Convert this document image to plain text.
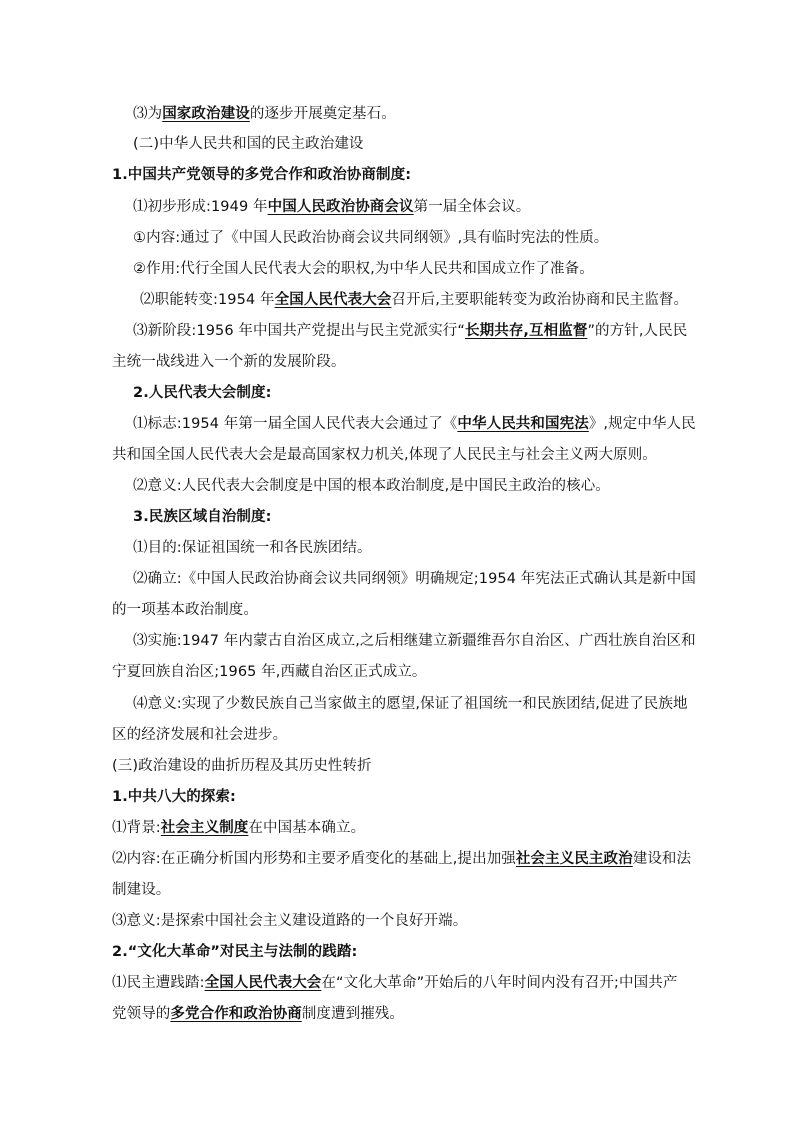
⑶为国家政治建设的逐步开展奠定基石。
(二)中华人民共和国的民主政治建设
1.中国共产党领导的多党合作和政治协商制度:
⑴初步形成:1949 年中国人民政治协商会议第一届全体会议。
①内容:通过了《中国人民政治协商会议共同纲领》,具有临时宪法的性质。
②作用:代行全国人民代表大会的职权,为中华人民共和国成立作了准备。
⑵职能转变:1954 年全国人民代表大会召开后,主要职能转变为政治协商和民主监督。
⑶新阶段:1956 年中国共产党提出与民主党派实行“长期共存,互相监督”的方针,人民民
主统一战线进入一个新的发展阶段。
2.人民代表大会制度:
⑴标志:1954 年第一届全国人民代表大会通过了《中华人民共和国宪法》,规定中华人民
共和国全国人民代表大会是最高国家权力机关,体现了人民民主与社会主义两大原则。
⑵意义:人民代表大会制度是中国的根本政治制度,是中国民主政治的核心。
3.民族区域自治制度:
⑴目的:保证祖国统一和各民族团结。
⑵确立:《中国人民政治协商会议共同纲领》明确规定;1954 年宪法正式确认其是新中国
的一项基本政治制度。
⑶实施:1947 年内蒙古自治区成立,之后相继建立新疆维吾尔自治区、广西壮族自治区和
宁夏回族自治区;1965 年,西藏自治区正式成立。
⑷意义:实现了少数民族自己当家做主的愿望,保证了祖国统一和民族团结,促进了民族地
区的经济发展和社会进步。
(三)政治建设的曲折历程及其历史性转折
1.中共八大的探索:
⑴背景:社会主义制度在中国基本确立。
⑵内容:在正确分析国内形势和主要矛盾变化的基础上,提出加强社会主义民主政治建设和法
制建设。
⑶意义:是探索中国社会主义建设道路的一个良好开端。
2.“文化大革命”对民主与法制的践踏:
⑴民主遭践踏:全国人民代表大会在“文化大革命”开始后的八年时间内没有召开;中国共产
党领导的多党合作和政治协商制度遭到摧残。
